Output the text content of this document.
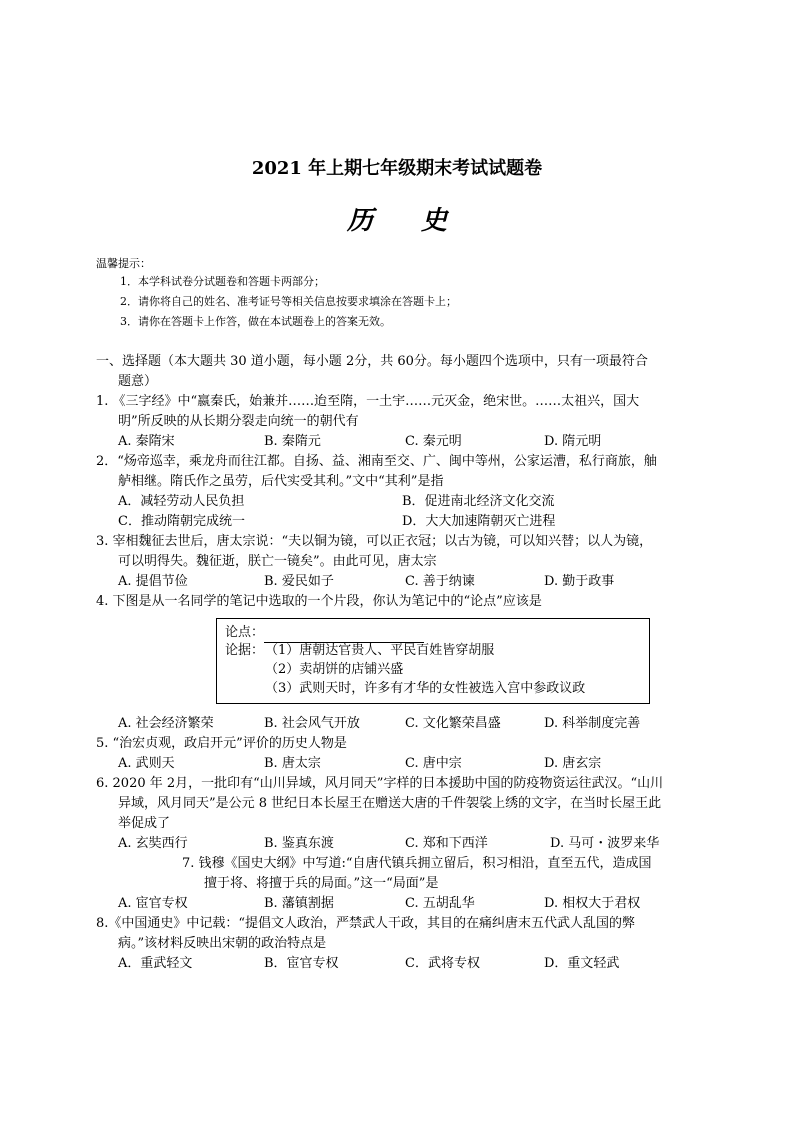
2021 年上期七年级期末考试试题卷
历史
温馨提示：
1．本学科试卷分试题卷和答题卡两部分；
2．请你将自己的姓名、准考证号等相关信息按要求填涂在答题卡上；
3．请你在答题卡上作答，做在本试题卷上的答案无效。
一、选择题（本大题共 30 道小题，每小题 2分，共 60分。每小题四个选项中，只有一项最符合
题意）
1. 《三字经》中“嬴秦氏，始兼并……迨至隋，一土宇……元灭金，绝宋世。……太祖兴，国大
明”所反映的从长期分裂走向统一的朝代有
A. 秦隋宋	B. 秦隋元	C. 秦元明	D. 隋元明
2．“炀帝巡幸，乘龙舟而往江都。自扬、益、湘南至交、广、闽中等州，公家运漕，私行商旅，舳
舻相继。隋氏作之虽劳，后代实受其利。”文中“其利”是指
A．减轻劳动人民负担	B．促进南北经济文化交流
C．推动隋朝完成统一	D．大大加速隋朝灭亡进程
3. 宰相魏征去世后，唐太宗说：“夫以铜为镜，可以正衣冠；以古为镜，可以知兴替；以人为镜，
可以明得失。魏征逝，朕亡一镜矣”。由此可见，唐太宗
A. 提倡节俭	B. 爱民如子	C. 善于纳谏	D. 勤于政事
4. 下图是从一名同学的笔记中选取的一个片段，你认为笔记中的“论点”应该是
论点：
论据： （1）唐朝达官贵人、平民百姓皆穿胡服
（2）卖胡饼的店铺兴盛
（3）武则天时，许多有才华的女性被选入宫中参政议政
A. 社会经济繁荣	B. 社会风气开放	C. 文化繁荣昌盛	D. 科举制度完善
5. “治宏贞观，政启开元”评价的历史人物是
A. 武则天	B. 唐太宗	C. 唐中宗	D. 唐玄宗
6. 2020 年 2月，一批印有“山川异域，风月同天”字样的日本援助中国的防疫物资运往武汉。“山川
异域，风月同天”是公元 8 世纪日本长屋王在赠送大唐的千件袈裟上绣的文字，在当时长屋王此
举促成了
A. 玄奘西行	B. 鉴真东渡	C. 郑和下西洋	D. 马可・波罗来华
7. 钱穆《国史大纲》中写道:“自唐代镇兵拥立留后，积习相沿，直至五代，造成国
擅于将、将擅于兵的局面。”这一“局面”是
A. 宦官专权	B. 藩镇割据	C. 五胡乱华	D. 相权大于君权
8.《中国通史》中记载：“提倡文人政治，严禁武人干政，其目的在痛纠唐末五代武人乱国的弊
病。”该材料反映出宋朝的政治特点是
A．重武轻文	B．宦官专权	C．武将专权	D．重文轻武
